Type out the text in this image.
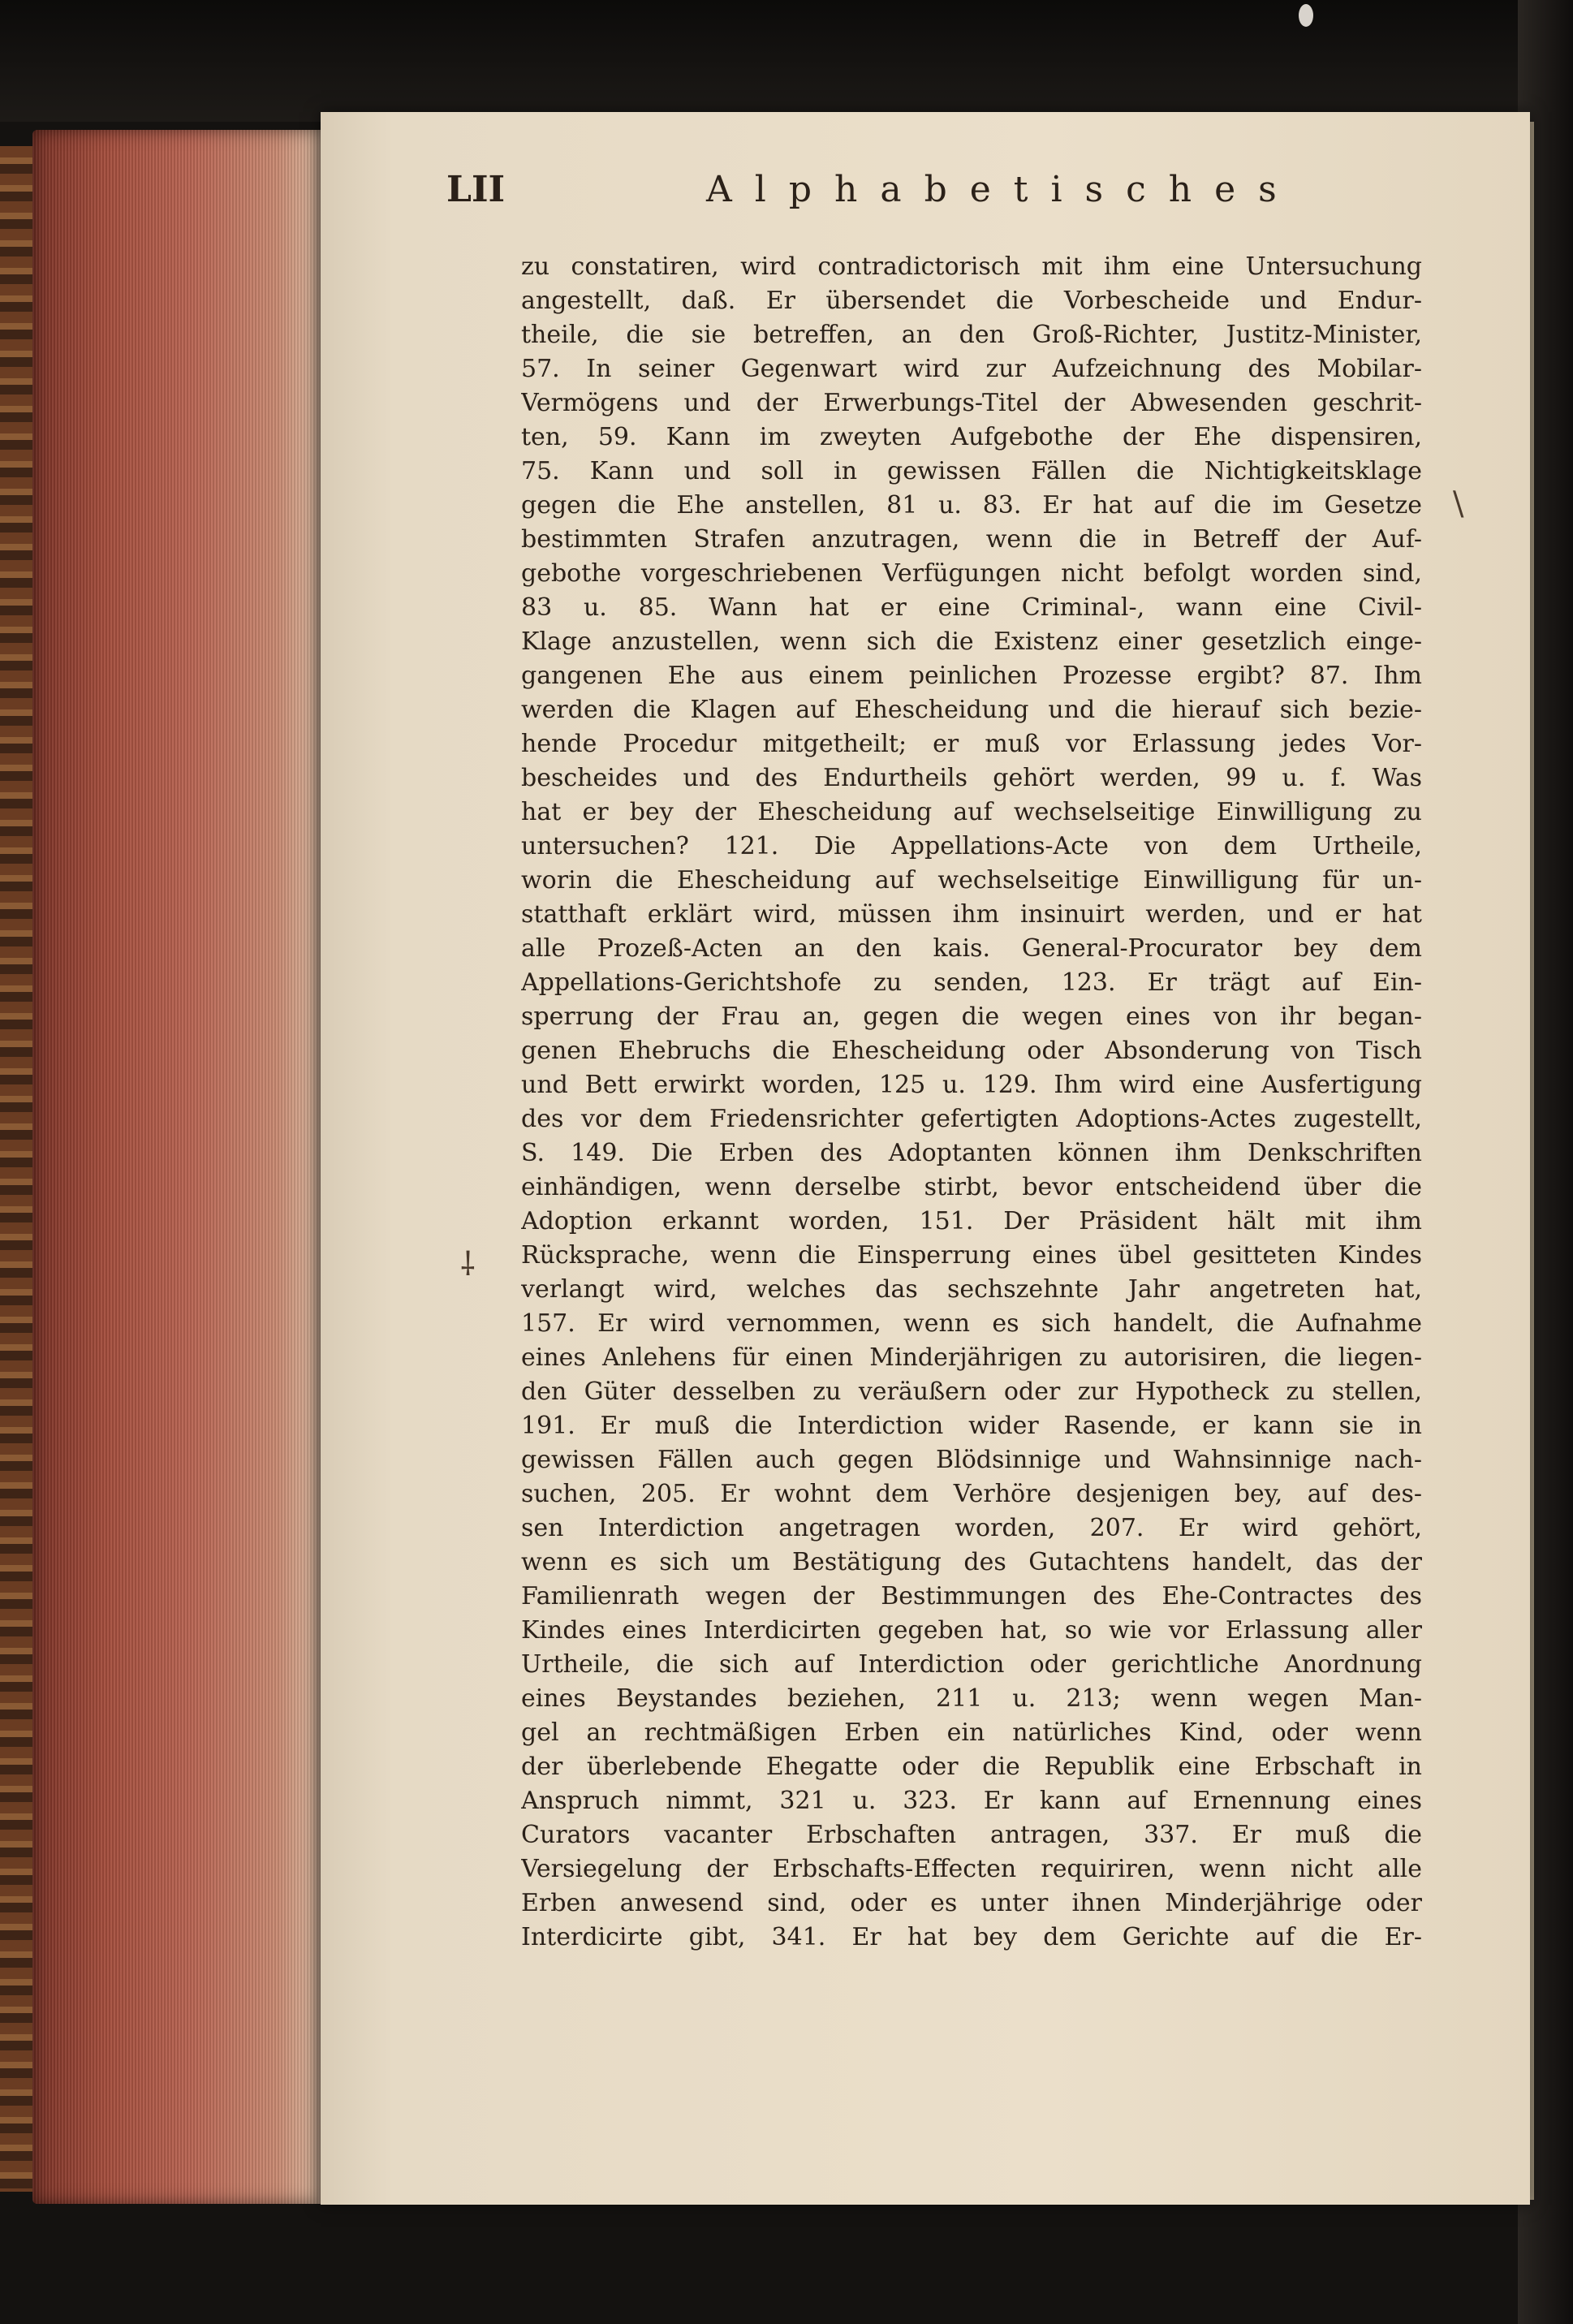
LII	Alphabetisches
⸸
\
zu constatiren, wird contradictorisch mit ihm eine Untersuchung
angestellt, daß. Er übersendet die Vorbescheide und Endur-
theile, die sie betreffen, an den Groß-Richter, Justitz-Minister,
57. In seiner Gegenwart wird zur Aufzeichnung des Mobilar-
Vermögens und der Erwerbungs-Titel der Abwesenden geschrit-
ten, 59. Kann im zweyten Aufgebothe der Ehe dispensiren,
75. Kann und soll in gewissen Fällen die Nichtigkeitsklage
gegen die Ehe anstellen, 81 u. 83. Er hat auf die im Gesetze
bestimmten Strafen anzutragen, wenn die in Betreff der Auf-
gebothe vorgeschriebenen Verfügungen nicht befolgt worden sind,
83 u. 85. Wann hat er eine Criminal-, wann eine Civil-
Klage anzustellen, wenn sich die Existenz einer gesetzlich einge-
gangenen Ehe aus einem peinlichen Prozesse ergibt? 87. Ihm
werden die Klagen auf Ehescheidung und die hierauf sich bezie-
hende Procedur mitgetheilt; er muß vor Erlassung jedes Vor-
bescheides und des Endurtheils gehört werden, 99 u. f. Was
hat er bey der Ehescheidung auf wechselseitige Einwilligung zu
untersuchen? 121. Die Appellations-Acte von dem Urtheile,
worin die Ehescheidung auf wechselseitige Einwilligung für un-
statthaft erklärt wird, müssen ihm insinuirt werden, und er hat
alle Prozeß-Acten an den kais. General-Procurator bey dem
Appellations-Gerichtshofe zu senden, 123. Er trägt auf Ein-
sperrung der Frau an, gegen die wegen eines von ihr began-
genen Ehebruchs die Ehescheidung oder Absonderung von Tisch
und Bett erwirkt worden, 125 u. 129. Ihm wird eine Ausfertigung
des vor dem Friedensrichter gefertigten Adoptions-Actes zugestellt,
S. 149. Die Erben des Adoptanten können ihm Denkschriften
einhändigen, wenn derselbe stirbt, bevor entscheidend über die
Adoption erkannt worden, 151. Der Präsident hält mit ihm
Rücksprache, wenn die Einsperrung eines übel gesitteten Kindes
verlangt wird, welches das sechszehnte Jahr angetreten hat,
157. Er wird vernommen, wenn es sich handelt, die Aufnahme
eines Anlehens für einen Minderjährigen zu autorisiren, die liegen-
den Güter desselben zu veräußern oder zur Hypotheck zu stellen,
191. Er muß die Interdiction wider Rasende, er kann sie in
gewissen Fällen auch gegen Blödsinnige und Wahnsinnige nach-
suchen, 205. Er wohnt dem Verhöre desjenigen bey, auf des-
sen Interdiction angetragen worden, 207. Er wird gehört,
wenn es sich um Bestätigung des Gutachtens handelt, das der
Familienrath wegen der Bestimmungen des Ehe-Contractes des
Kindes eines Interdicirten gegeben hat, so wie vor Erlassung aller
Urtheile, die sich auf Interdiction oder gerichtliche Anordnung
eines Beystandes beziehen, 211 u. 213; wenn wegen Man-
gel an rechtmäßigen Erben ein natürliches Kind, oder wenn
der überlebende Ehegatte oder die Republik eine Erbschaft in
Anspruch nimmt, 321 u. 323. Er kann auf Ernennung eines
Curators vacanter Erbschaften antragen, 337. Er muß die
Versiegelung der Erbschafts-Effecten requiriren, wenn nicht alle
Erben anwesend sind, oder es unter ihnen Minderjährige oder
Interdicirte gibt, 341. Er hat bey dem Gerichte auf die Er-
